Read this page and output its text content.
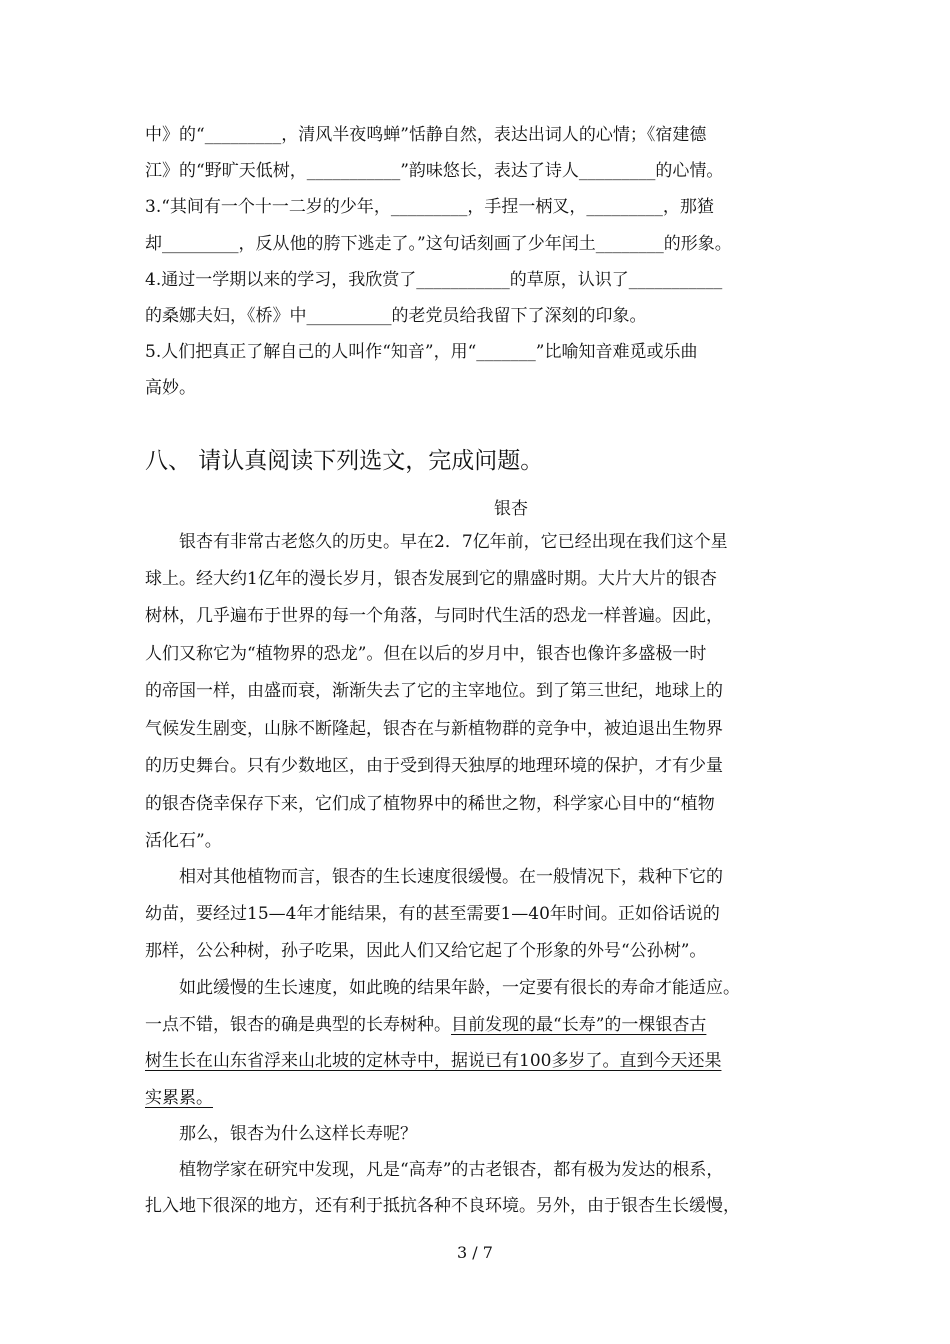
中》的“_________，清风半夜鸣蝉”恬静自然，表达出词人的心情；《宿建德
江》的“野旷天低树，___________”韵味悠长，表达了诗人_________的心情。
3.“其间有一个十一二岁的少年，_________，手捏一柄叉，_________，那猹
却_________，反从他的胯下逃走了。”这句话刻画了少年闰土________的形象。
4.通过一学期以来的学习，我欣赏了___________的草原，认识了___________
的桑娜夫妇，《桥》中__________的老党员给我留下了深刻的印象。
5.人们把真正了解自己的人叫作“知音”，用“_______”比喻知音难觅或乐曲
高妙。
八、 请认真阅读下列选文，完成问题。
银杏
银杏有非常古老悠久的历史。早在2．7亿年前，它已经出现在我们这个星
球上。经大约1亿年的漫长岁月，银杏发展到它的鼎盛时期。大片大片的银杏
树林，几乎遍布于世界的每一个角落，与同时代生活的恐龙一样普遍。因此，
人们又称它为“植物界的恐龙”。但在以后的岁月中，银杏也像许多盛极一时
的帝国一样，由盛而衰，渐渐失去了它的主宰地位。到了第三世纪，地球上的
气候发生剧变，山脉不断隆起，银杏在与新植物群的竞争中，被迫退出生物界
的历史舞台。只有少数地区，由于受到得天独厚的地理环境的保护，才有少量
的银杏侥幸保存下来，它们成了植物界中的稀世之物，科学家心目中的“植物
活化石”。
相对其他植物而言，银杏的生长速度很缓慢。在一般情况下，栽种下它的
幼苗，要经过15—4年才能结果，有的甚至需要1—40年时间。正如俗话说的
那样，公公种树，孙子吃果，因此人们又给它起了个形象的外号“公孙树”。
如此缓慢的生长速度，如此晚的结果年龄，一定要有很长的寿命才能适应。
一点不错，银杏的确是典型的长寿树种。目前发现的最“长寿”的一棵银杏古
树生长在山东省浮来山北坡的定林寺中，据说已有100多岁了。直到今天还果
实累累。
那么，银杏为什么这样长寿呢？
植物学家在研究中发现，凡是“高寿”的古老银杏，都有极为发达的根系，
扎入地下很深的地方，还有利于抵抗各种不良环境。另外，由于银杏生长缓慢，
3 / 7
